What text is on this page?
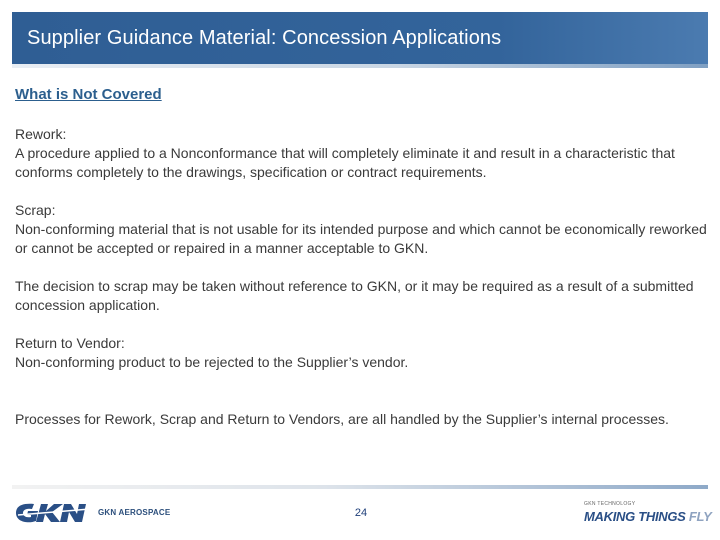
Supplier Guidance Material: Concession Applications

What is Not Covered

Rework:

A procedure applied to a Nonconformance that will completely eliminate it and result in a characteristic that conforms completely to the drawings, specification or contract requirements.

Scrap:

Non-conforming material that is not usable for its intended purpose and which cannot be economically reworked or cannot be accepted or repaired in a manner acceptable to GKN.

The decision to scrap may be taken without reference to GKN, or it may be required as a result of a submitted concession application.

Return to Vendor:

Non-conforming product to be rejected to the Supplier’s vendor.

Processes for Rework, Scrap and Return to Vendors, are all handled by the Supplier’s internal processes.

GKN AEROSPACE	24
GKN TECHNOLOGY
MAKING THINGS FLY
